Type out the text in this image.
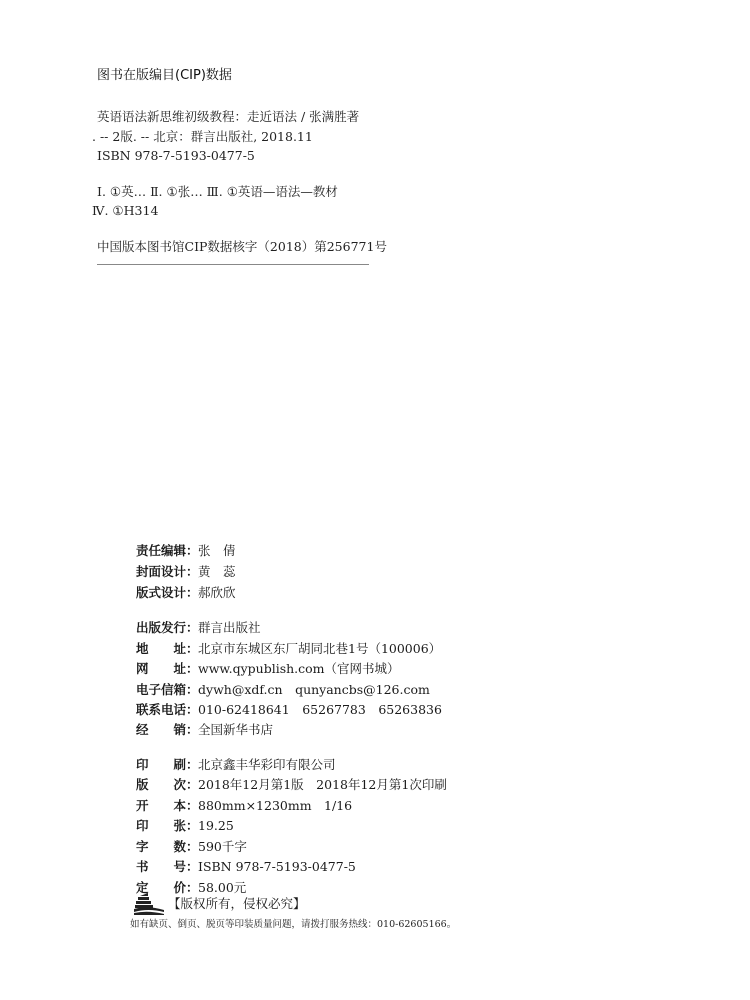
图书在版编目(CIP)数据
英语语法新思维初级教程：走近语法 / 张满胜著
. -- 2版. -- 北京：群言出版社, 2018.11
ISBN 978-7-5193-0477-5
Ⅰ. ①英… Ⅱ. ①张… Ⅲ. ①英语—语法—教材
Ⅳ. ①H314
中国版本图书馆CIP数据核字（2018）第256771号
责任编辑：张　倩
封面设计：黄　蕊
版式设计：郝欣欣
出版发行：群言出版社
地　　址：北京市东城区东厂胡同北巷1号（100006）
网　　址：www.qypublish.com（官网书城）
电子信箱：dywh@xdf.cn　qunyancbs@126.com
联系电话：010-62418641　65267783　65263836
经　　销：全国新华书店
印　　刷：北京鑫丰华彩印有限公司
版　　次：2018年12月第1版　2018年12月第1次印刷
开　　本：880mm×1230mm　1/16
印　　张：19.25
字　　数：590千字
书　　号：ISBN 978-7-5193-0477-5
定　　价：58.00元
【版权所有，侵权必究】
如有缺页、倒页、脱页等印装质量问题，请拨打服务热线：010-62605166。
